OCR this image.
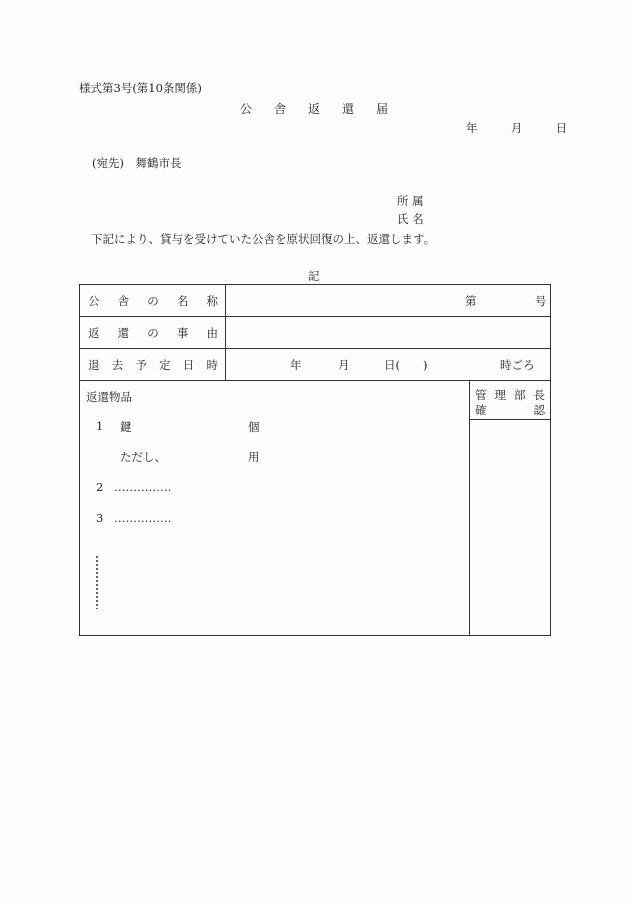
様式第3号(第10条関係)
公舎返還届
年	月	日
(宛先)　舞鶴市長
所 属
氏 名
下記により、貸与を受けていた公舎を原状回復の上、返還します。
記
公 舎 の 名 称	第	号
返 還 の 事 由
退 去 予 定 日 時	年	月	日(　　)	時ごろ
返還物品
1 鍵	個
ただし、	用
2 ……………
3 ……………
管 理 部 長
確	認
